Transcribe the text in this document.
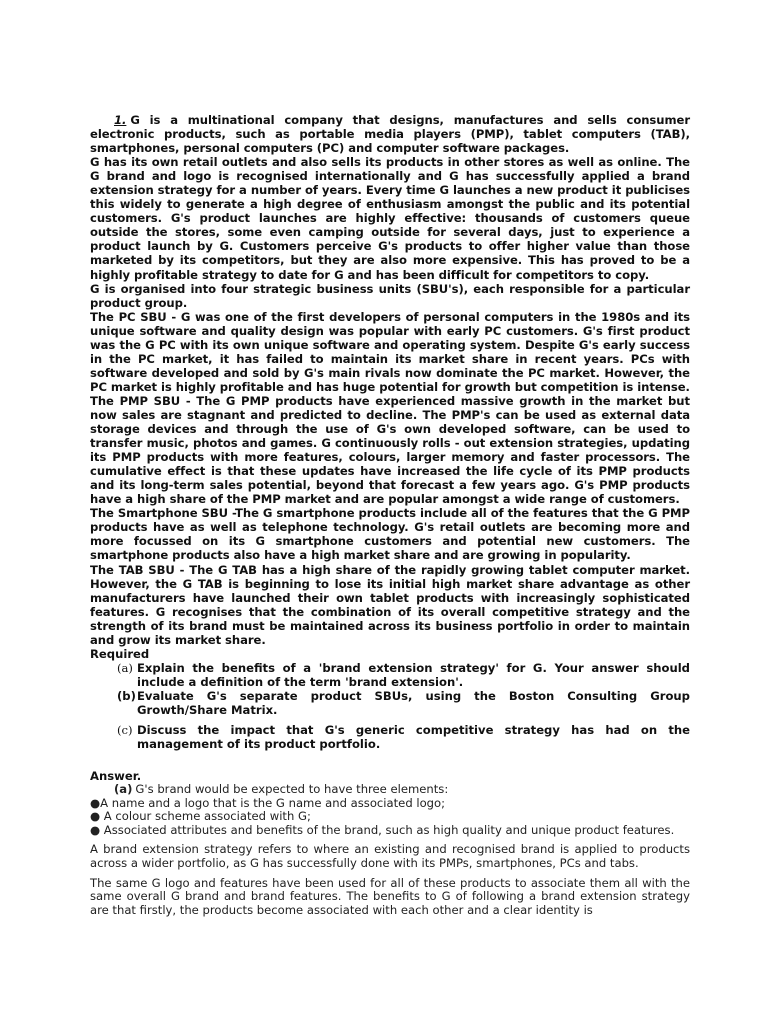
1. G is a multinational company that designs, manufactures and sells consumer electronic products, such as portable media players (PMP), tablet computers (TAB), smartphones, personal computers (PC) and computer software packages.

G has its own retail outlets and also sells its products in other stores as well as online. The G brand and logo is recognised internationally and G has successfully applied a brand extension strategy for a number of years. Every time G launches a new product it publicises this widely to generate a high degree of enthusiasm amongst the public and its potential customers. G's product launches are highly effective: thousands of customers queue outside the stores, some even camping outside for several days, just to experience a product launch by G. Customers perceive G's products to offer higher value than those marketed by its competitors, but they are also more expensive. This has proved to be a highly profitable strategy to date for G and has been difficult for competitors to copy.

G is organised into four strategic business units (SBU's), each responsible for a particular product group.

The PC SBU - G was one of the first developers of personal computers in the 1980s and its unique software and quality design was popular with early PC customers. G's first product was the G PC with its own unique software and operating system. Despite G's early success in the PC market, it has failed to maintain its market share in recent years. PCs with software developed and sold by G's main rivals now dominate the PC market. However, the PC market is highly profitable and has huge potential for growth but competition is intense.

The PMP SBU - The G PMP products have experienced massive growth in the market but now sales are stagnant and predicted to decline. The PMP's can be used as external data storage devices and through the use of G's own developed software, can be used to transfer music, photos and games. G continuously rolls - out extension strategies, updating its PMP products with more features, colours, larger memory and faster processors. The cumulative effect is that these updates have increased the life cycle of its PMP products and its long-term sales potential, beyond that forecast a few years ago. G's PMP products have a high share of the PMP market and are popular amongst a wide range of customers.

The Smartphone SBU -The G smartphone products include all of the features that the G PMP products have as well as telephone technology. G's retail outlets are becoming more and more focussed on its G smartphone customers and potential new customers. The smartphone products also have a high market share and are growing in popularity.

The TAB SBU - The G TAB has a high share of the rapidly growing tablet computer market. However, the G TAB is beginning to lose its initial high market share advantage as other manufacturers have launched their own tablet products with increasingly sophisticated features. G recognises that the combination of its overall competitive strategy and the strength of its brand must be maintained across its business portfolio in order to maintain and grow its market share.

Required

(a) Explain the benefits of a 'brand extension strategy' for G. Your answer should include a definition of the term 'brand extension'.
(b) Evaluate G's separate product SBUs, using the Boston Consulting Group Growth/Share Matrix.
(c) Discuss the impact that G's generic competitive strategy has had on the management of its product portfolio.

Answer.

(a) G's brand would be expected to have three elements:

●A name and a logo that is the G name and associated logo;

● A colour scheme associated with G;

● Associated attributes and benefits of the brand, such as high quality and unique product features.

A brand extension strategy refers to where an existing and recognised brand is applied to products across a wider portfolio, as G has successfully done with its PMPs, smartphones, PCs and tabs.

The same G logo and features have been used for all of these products to associate them all with the same overall G brand and brand features. The benefits to G of following a brand extension strategy are that firstly, the products become associated with each other and a clear identity is
